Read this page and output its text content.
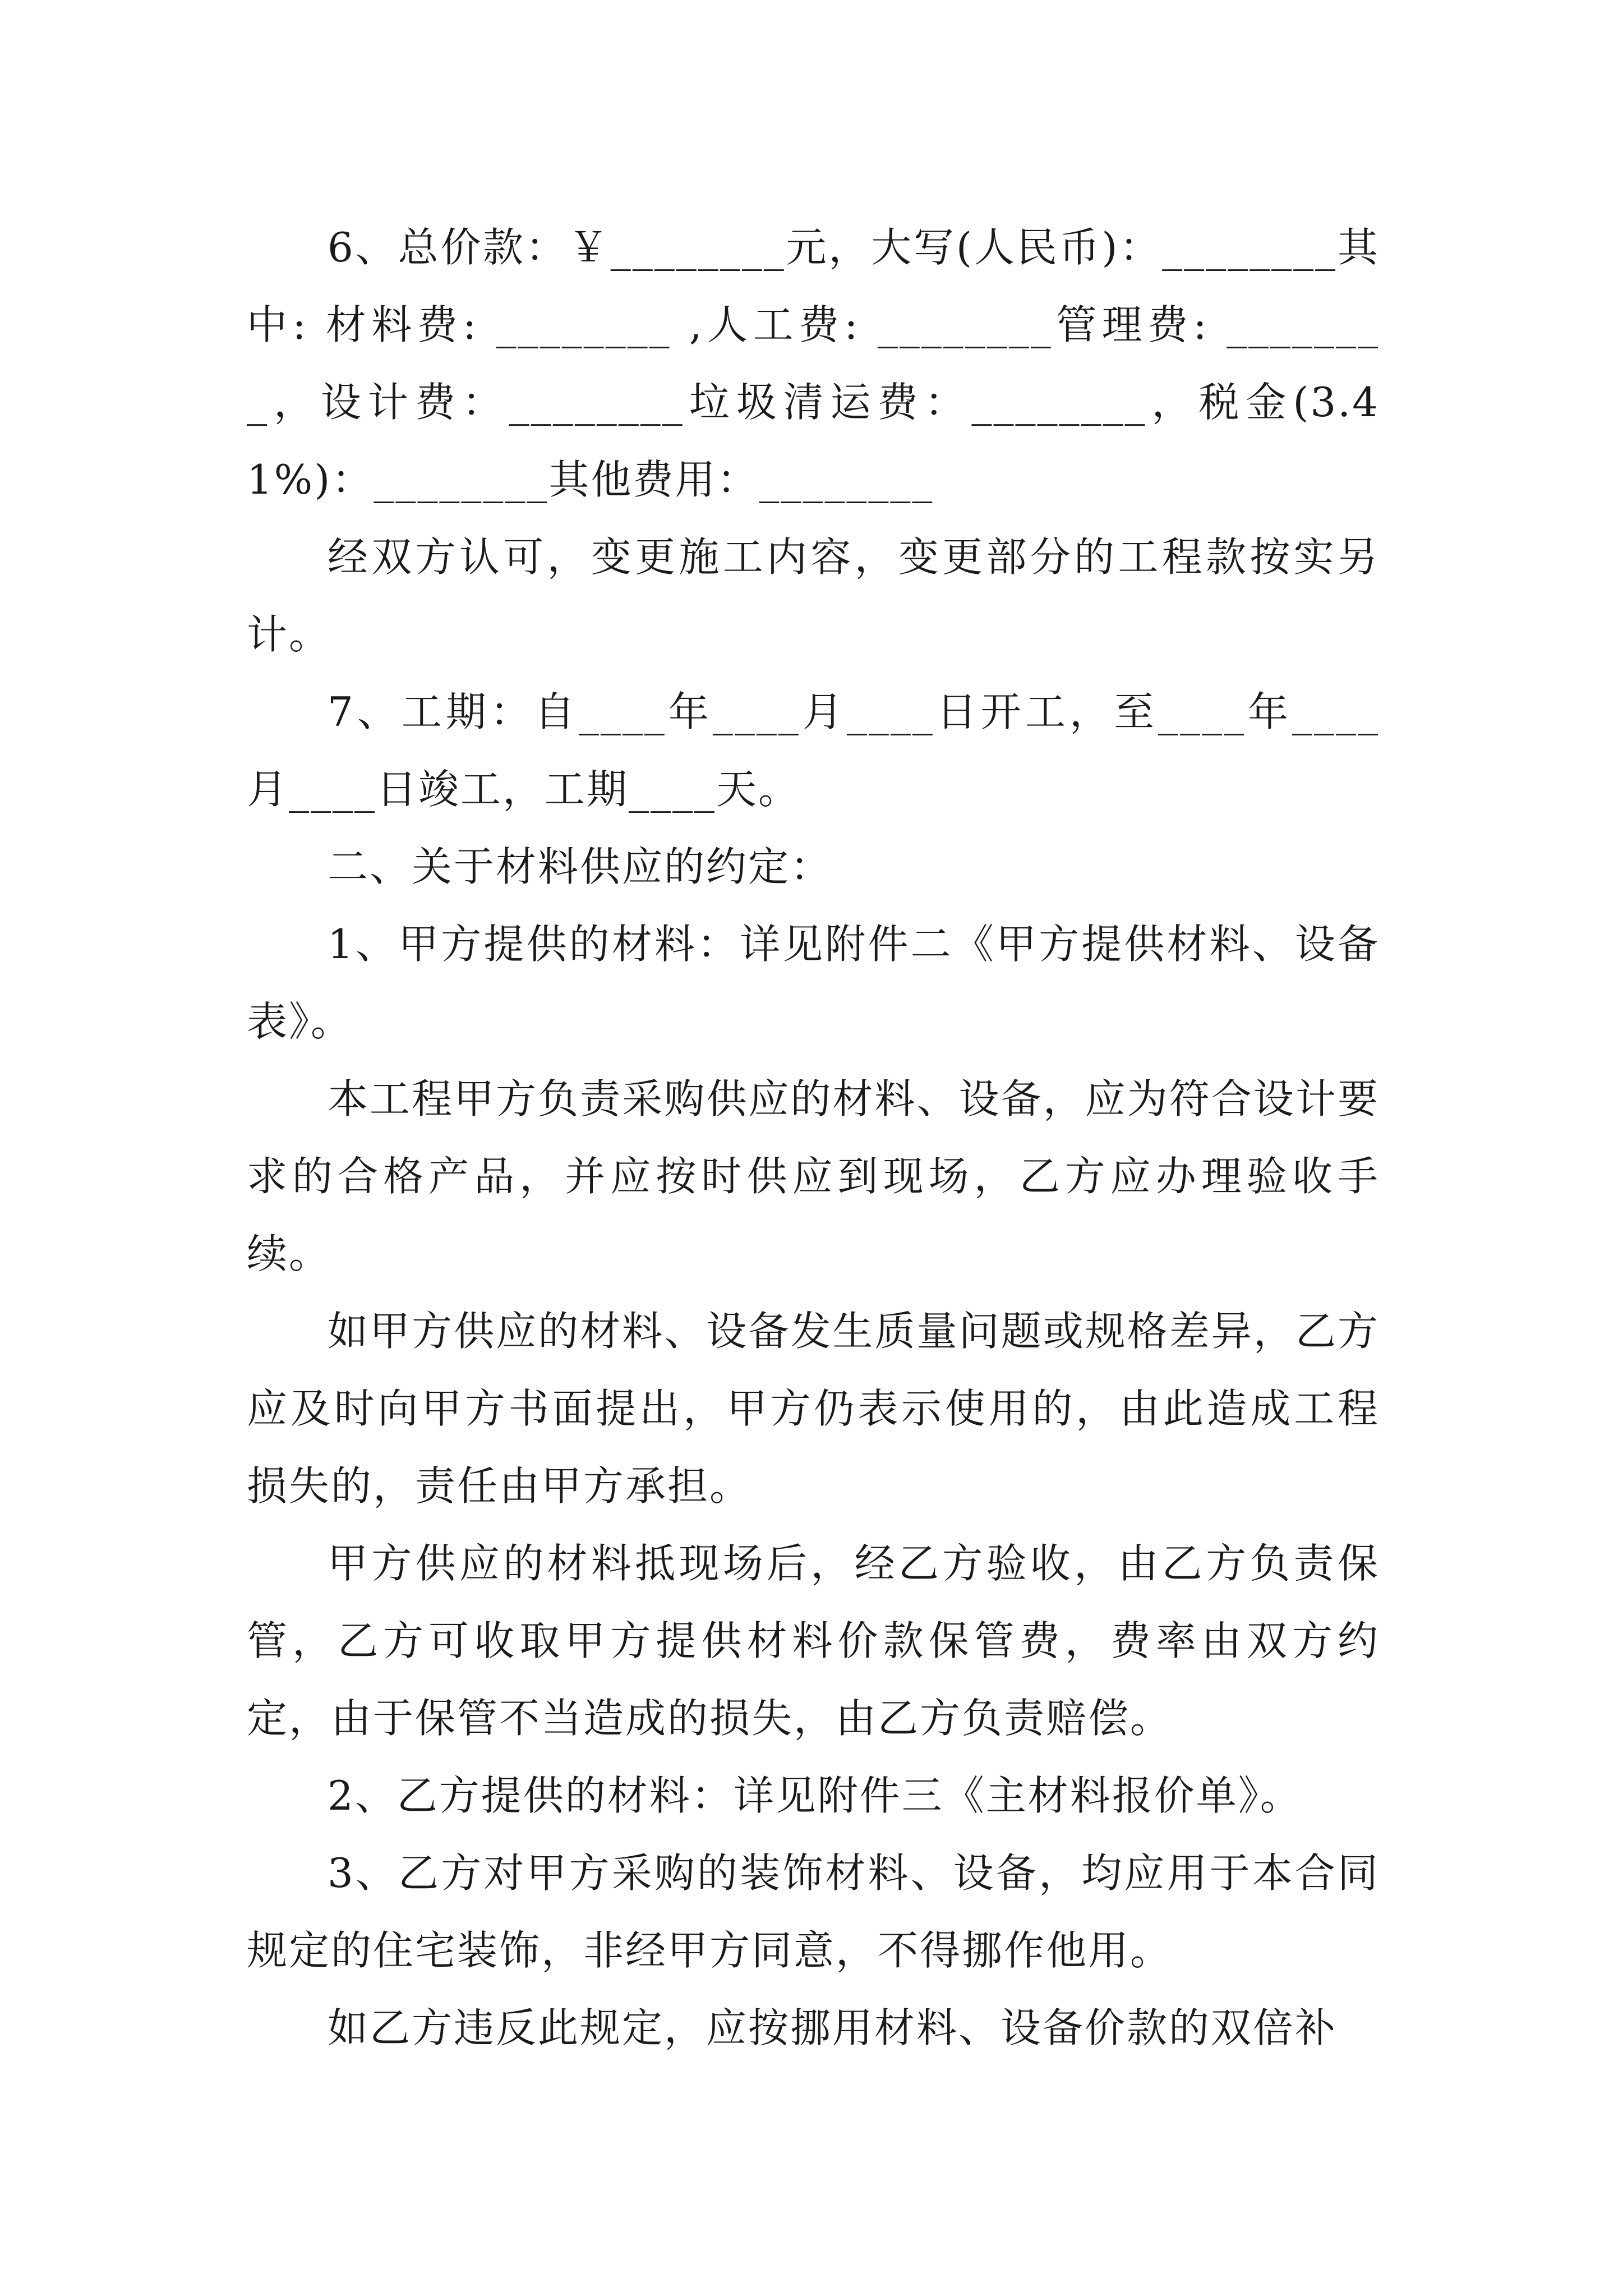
6、总价款：￥________元，大写(人民币)：________其中: 材料费: ________ ,人工费: ________管理费: ________，设计费：________垃圾清运费：________，税金(3.41%)：________其他费用：________

经双方认可，变更施工内容，变更部分的工程款按实另计。

7、工期：自____年____月____日开工，至____年____月____日竣工，工期____天。

二、关于材料供应的约定：

1、甲方提供的材料：详见附件二《甲方提供材料、设备表》。

本工程甲方负责采购供应的材料、设备，应为符合设计要求的合格产品，并应按时供应到现场，乙方应办理验收手续。

如甲方供应的材料、设备发生质量问题或规格差异，乙方应及时向甲方书面提出，甲方仍表示使用的，由此造成工程损失的，责任由甲方承担。

甲方供应的材料抵现场后，经乙方验收，由乙方负责保管，乙方可收取甲方提供材料价款保管费，费率由双方约定，由于保管不当造成的损失，由乙方负责赔偿。

2、乙方提供的材料：详见附件三《主材料报价单》。

3、乙方对甲方采购的装饰材料、设备，均应用于本合同规定的住宅装饰，非经甲方同意，不得挪作他用。

如乙方违反此规定，应按挪用材料、设备价款的双倍补
